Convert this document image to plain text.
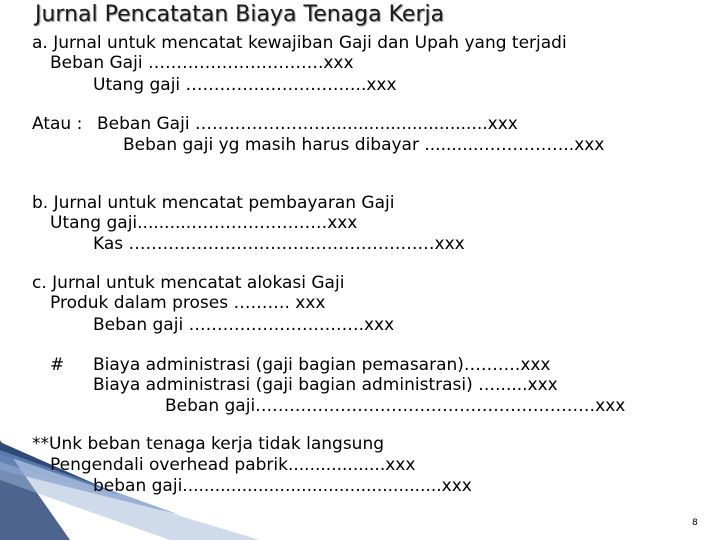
Jurnal Pencatatan Biaya Tenaga Kerja
a. Jurnal untuk mencatat kewajiban Gaji dan Upah yang terjadi
Beban Gaji ………………………….xxx
Utang gaji …………………………..xxx
Atau : Beban Gaji …………………….............................xxx
Beban gaji yg masih harus dibayar ..........……………..xxx
b. Jurnal untuk mencatat pembayaran Gaji
Utang gaji..........……………………xxx
Kas ………………………………………………xxx
c. Jurnal untuk mencatat alokasi Gaji
Produk dalam proses ………. xxx
Beban gaji ………………………….xxx
# Biaya administrasi (gaji bagian pemasaran)……….xxx
Biaya administrasi (gaji bagian administrasi) …......xxx
Beban gaji……………………………………………………xxx
**Unk beban tenaga kerja tidak langsung
Pengendali overhead pabrik..................xxx
beban gaji................................................xxx
8
